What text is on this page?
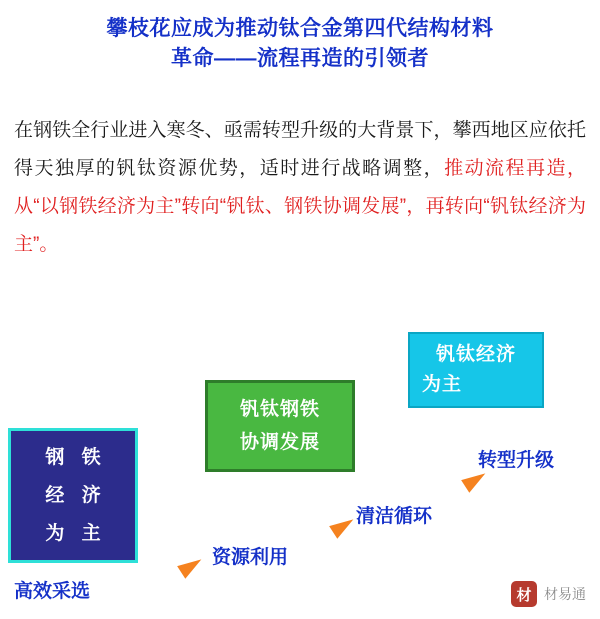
攀枝花应成为推动钛合金第四代结构材料
革命——流程再造的引领者
在钢铁全行业进入寒冬、亟需转型升级的大背景下，攀西地区应依托得天独厚的钒钛资源优势，适时进行战略调整，推动流程再造，从“以钢铁经济为主”转向“钒钛、钢铁协调发展”，再转向“钒钛经济为主”。
钢 铁
经 济
为 主
钒钛钢铁
协调发展
钒钛经济
为主
高效采选
资源利用
清洁循环
转型升级
材 材易通
